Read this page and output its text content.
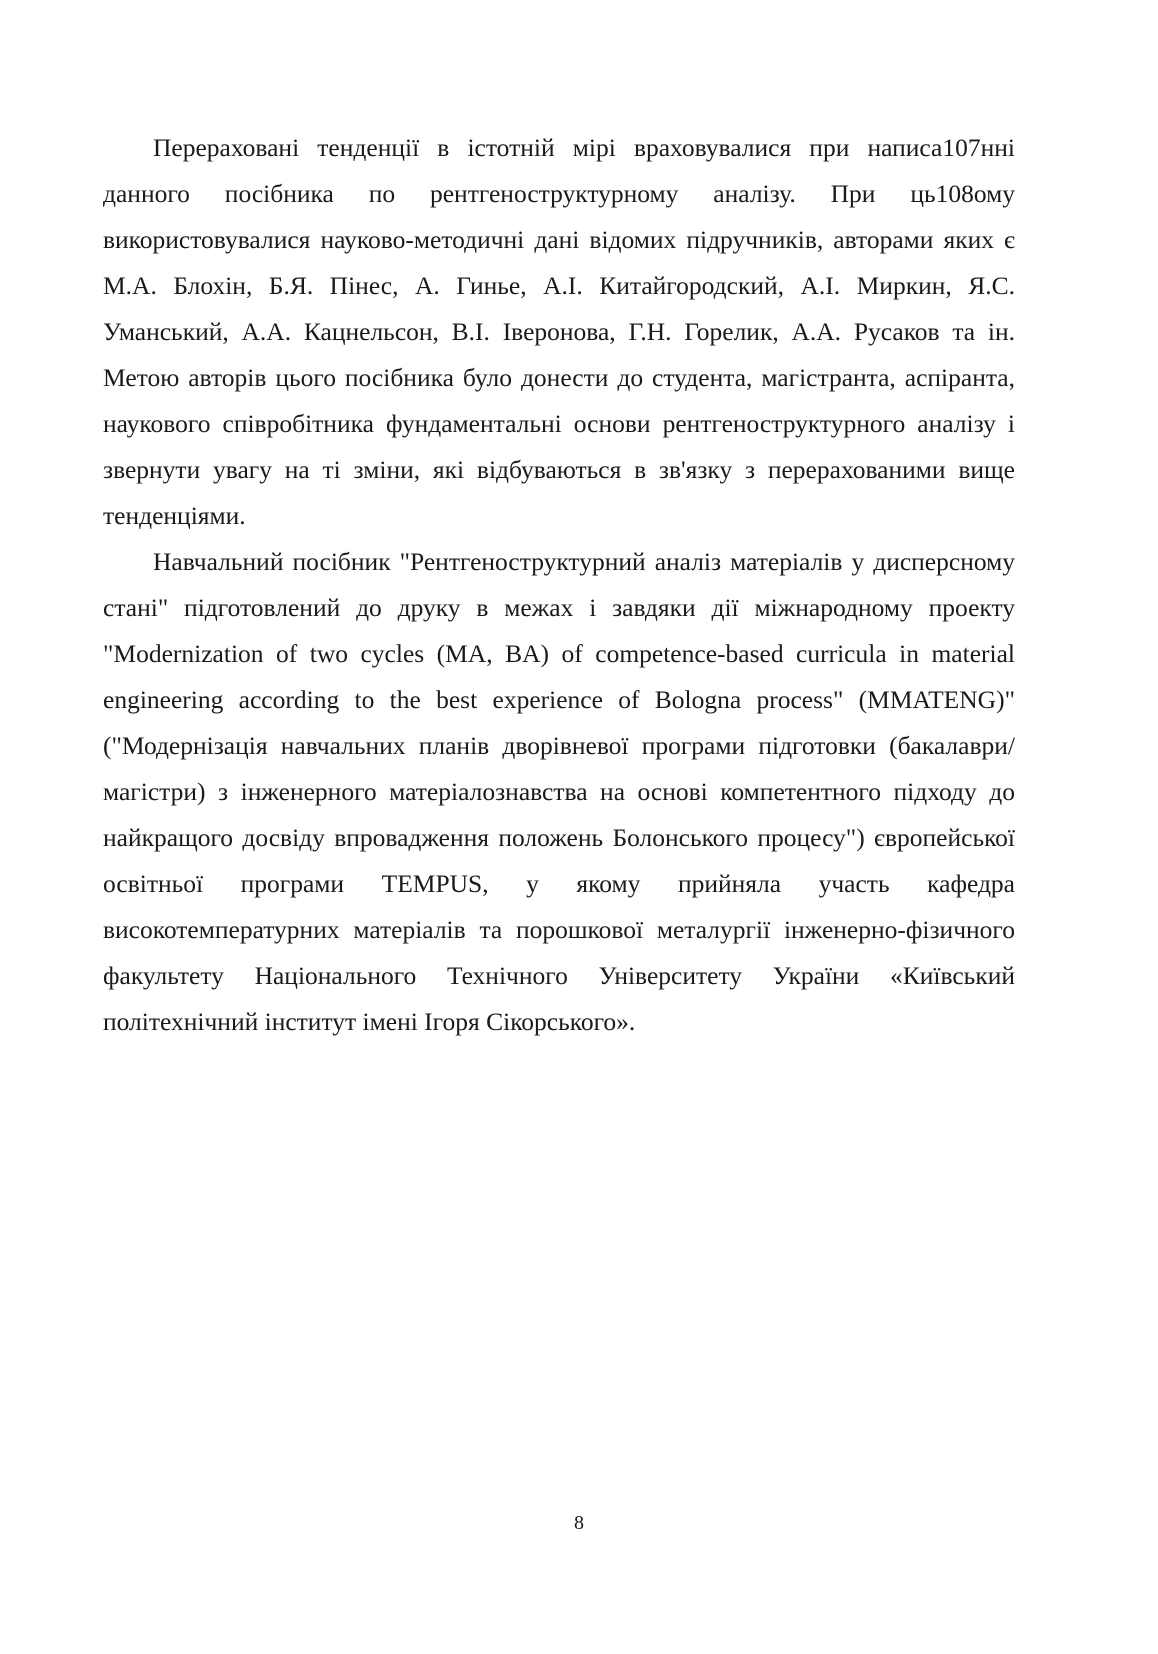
Перераховані тенденції в істотній мірі враховувалися при написа107нні данного посібника по рентгеноструктурному аналізу. При ць108ому використовувалися науково-методичні дані відомих підручників, авторами яких є М.А. Блохін, Б.Я. Пінес, А. Гинье, А.І. Китайгородский, А.І. Миркин, Я.С. Уманський, А.А. Кацнельсон, В.І. Іверонова, Г.Н. Горелик, А.А. Русаков та ін. Метою авторів цього посібника було донести до студента, магістранта, аспіранта, наукового співробітника фундаментальні основи рентгеноструктурного аналізу і звернути увагу на ті зміни, які відбуваються в зв'язку з перерахованими вище тенденціями.

Навчальний посібник "Рентгеноструктурний аналіз матеріалів у дисперсному стані" підготовлений до друку в межах і завдяки дії міжнародному проекту "Modernization of two cycles (MA, BA) of competence-based curricula in material engineering according to the best experience of Bologna process" (MMATENG)" ("Модернізація навчальних планів дворівневої програми підготовки (бакалаври/магістри) з інженерного матеріалознавства на основі компетентного підходу до найкращого досвіду впровадження положень Болонського процесу") європейської освітньої програми TEMPUS, у якому прийняла участь кафедра високотемпературних матеріалів та порошкової металургії інженерно-фізичного факультету Національного Технічного Університету України «Київський політехнічний інститут імені Ігоря Сікорського».

8
